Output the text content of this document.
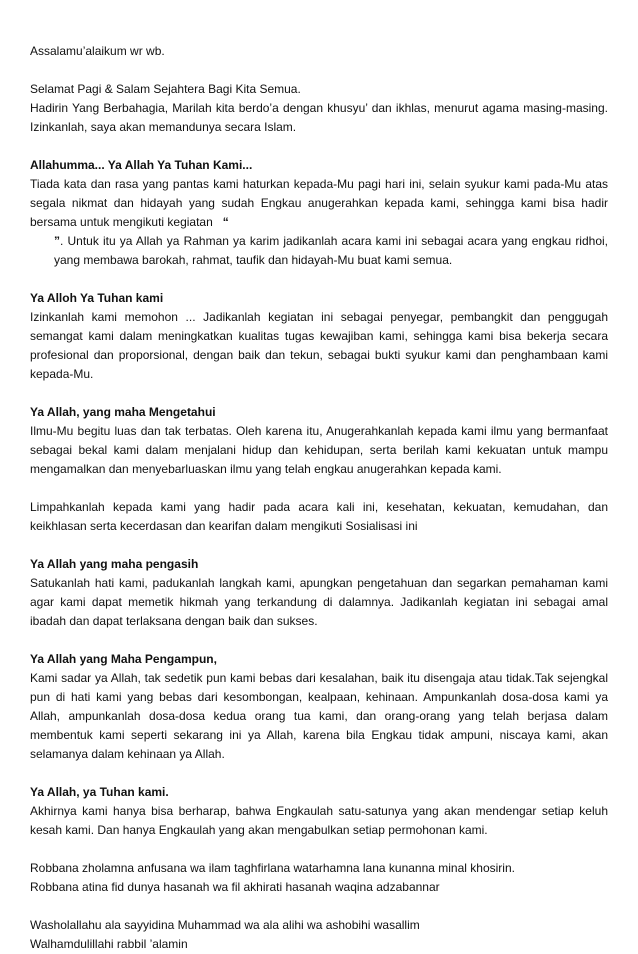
Assalamu’alaikum wr wb.

Selamat Pagi & Salam Sejahtera Bagi Kita Semua.

Hadirin Yang Berbahagia, Marilah kita berdo’a dengan khusyu’ dan ikhlas, menurut agama masing-masing. Izinkanlah, saya akan memandunya secara Islam.

Allahumma... Ya Allah Ya Tuhan Kami...

Tiada kata dan rasa yang pantas kami haturkan kepada-Mu pagi hari ini, selain syukur kami pada-Mu atas segala nikmat dan hidayah yang sudah Engkau anugerahkan kepada kami, sehingga kami bisa hadir bersama untuk mengikuti kegiatan “

”. Untuk itu ya Allah ya Rahman ya karim jadikanlah acara kami ini sebagai acara yang engkau ridhoi, yang membawa barokah, rahmat, taufik dan hidayah-Mu buat kami semua.

Ya Alloh Ya Tuhan kami

Izinkanlah kami memohon ... Jadikanlah kegiatan ini sebagai penyegar, pembangkit dan penggugah semangat kami dalam meningkatkan kualitas tugas kewajiban kami, sehingga kami bisa bekerja secara profesional dan proporsional, dengan baik dan tekun, sebagai bukti syukur kami dan penghambaan kami kepada-Mu.

Ya Allah, yang maha Mengetahui

Ilmu-Mu begitu luas dan tak terbatas. Oleh karena itu, Anugerahkanlah kepada kami ilmu yang bermanfaat sebagai bekal kami dalam menjalani hidup dan kehidupan, serta berilah kami kekuatan untuk mampu mengamalkan dan menyebarluaskan ilmu yang telah engkau anugerahkan kepada kami.

Limpahkanlah kepada kami yang hadir pada acara kali ini, kesehatan, kekuatan, kemudahan, dan keikhlasan serta kecerdasan dan kearifan dalam mengikuti Sosialisasi ini

Ya Allah yang maha pengasih

Satukanlah hati kami, padukanlah langkah kami, apungkan pengetahuan dan segarkan pemahaman kami agar kami dapat memetik hikmah yang terkandung di dalamnya. Jadikanlah kegiatan ini sebagai amal ibadah dan dapat terlaksana dengan baik dan sukses.

Ya Allah yang Maha Pengampun,

Kami sadar ya Allah, tak sedetik pun kami bebas dari kesalahan, baik itu disengaja atau tidak.Tak sejengkal pun di hati kami yang bebas dari kesombongan, kealpaan, kehinaan. Ampunkanlah dosa-dosa kami ya Allah, ampunkanlah dosa-dosa kedua orang tua kami, dan orang-orang yang telah berjasa dalam membentuk kami seperti sekarang ini ya Allah, karena bila Engkau tidak ampuni, niscaya kami, akan selamanya dalam kehinaan ya Allah.

Ya Allah, ya Tuhan kami.

Akhirnya kami hanya bisa berharap, bahwa Engkaulah satu-satunya yang akan mendengar setiap keluh kesah kami. Dan hanya Engkaulah yang akan mengabulkan setiap permohonan kami.

Robbana zholamna anfusana wa ilam taghfirlana watarhamna lana kunanna minal khosirin.

Robbana atina fid dunya hasanah wa fil akhirati hasanah waqina adzabannar

Washolallahu ala sayyidina Muhammad wa ala alihi wa ashobihi wasallim

Walhamdulillahi rabbil ’alamin
